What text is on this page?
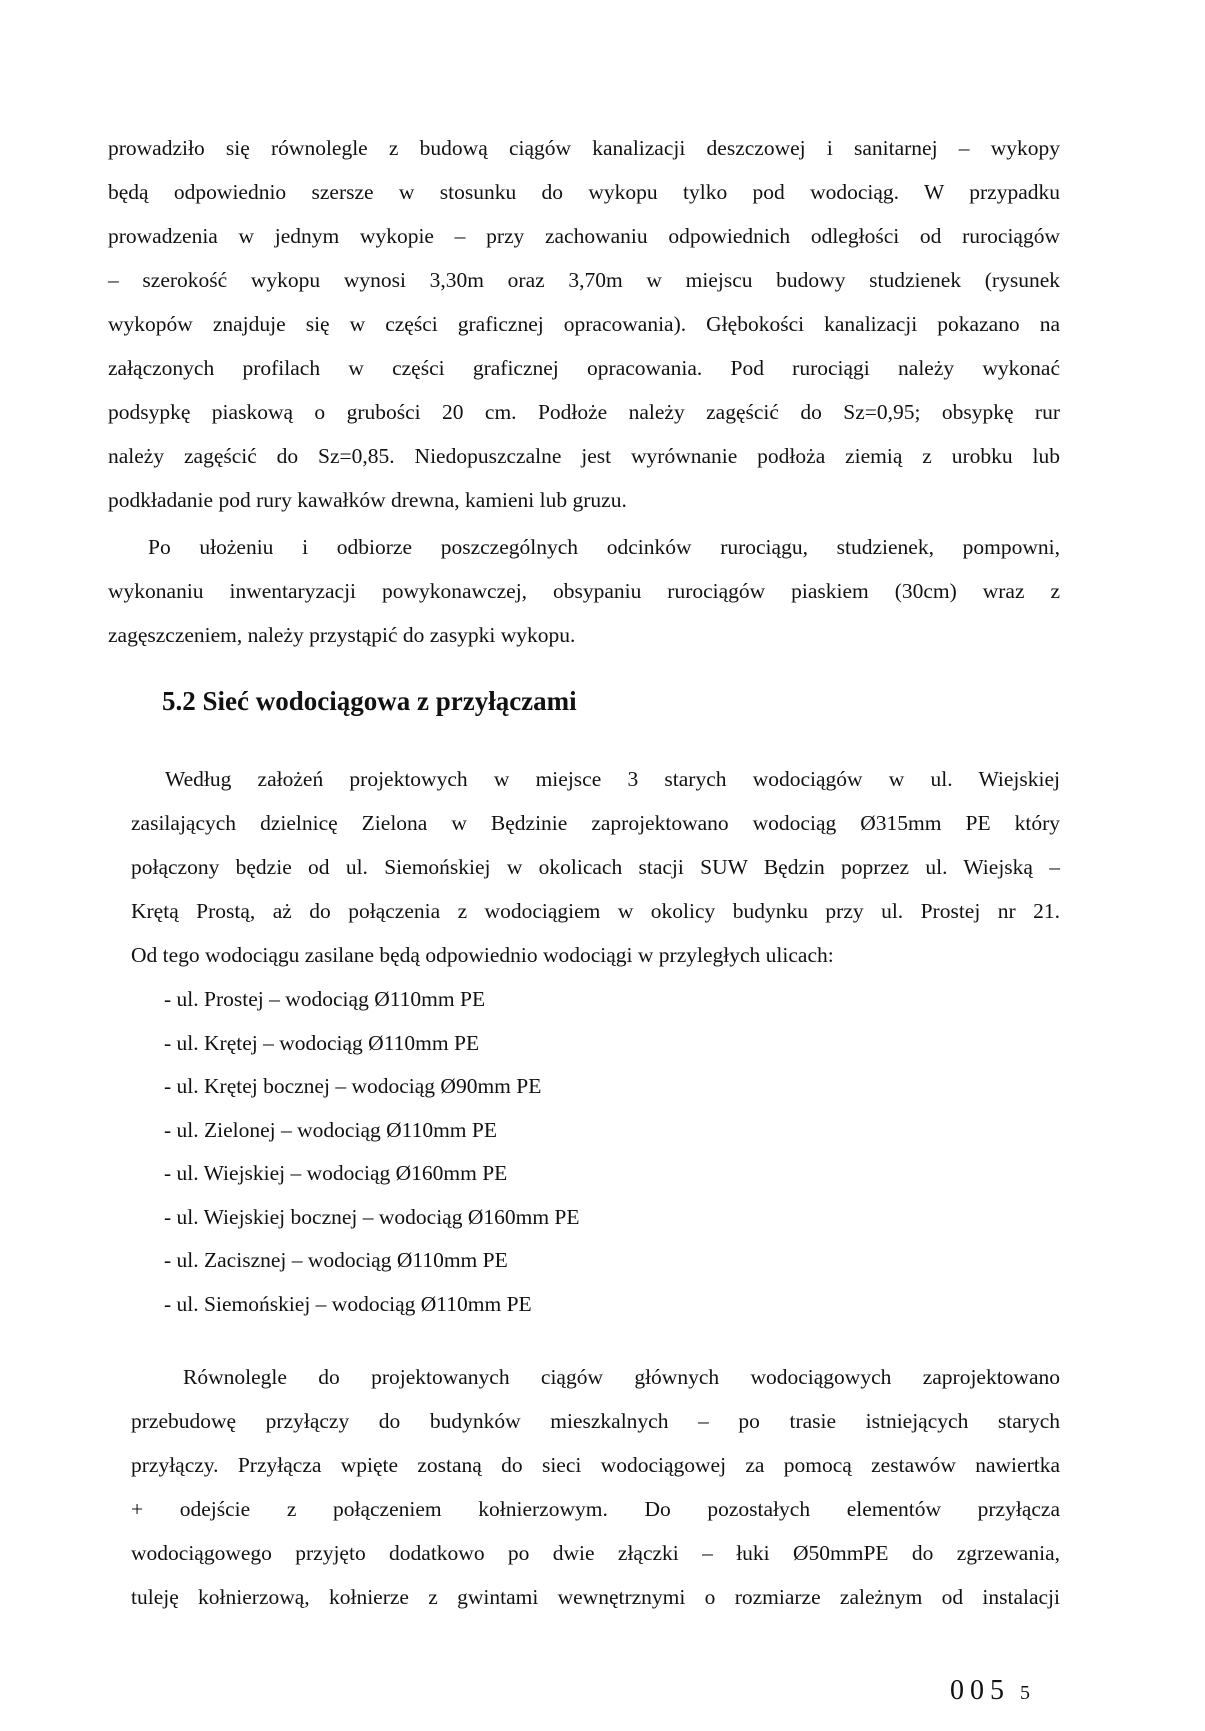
prowadziło się równolegle z budową ciągów kanalizacji deszczowej i sanitarnej – wykopy
będą odpowiednio szersze w stosunku do wykopu tylko pod wodociąg. W przypadku
prowadzenia w jednym wykopie – przy zachowaniu odpowiednich odległości od rurociągów
– szerokość wykopu wynosi 3,30m oraz 3,70m w miejscu budowy studzienek (rysunek
wykopów znajduje się w części graficznej opracowania). Głębokości kanalizacji pokazano na
załączonych profilach w części graficznej opracowania. Pod rurociągi należy wykonać
podsypkę piaskową o grubości 20 cm. Podłoże należy zagęścić do Sz=0,95; obsypkę rur
należy zagęścić do Sz=0,85. Niedopuszczalne jest wyrównanie podłoża ziemią z urobku lub
podkładanie pod rury kawałków drewna, kamieni lub gruzu.
Po ułożeniu i odbiorze poszczególnych odcinków rurociągu, studzienek, pompowni,
wykonaniu inwentaryzacji powykonawczej, obsypaniu rurociągów piaskiem (30cm) wraz z
zagęszczeniem, należy przystąpić do zasypki wykopu.
5.2 Sieć wodociągowa z przyłączami
Według założeń projektowych w miejsce 3 starych wodociągów w ul. Wiejskiej
zasilających dzielnicę Zielona w Będzinie zaprojektowano wodociąg Ø315mm PE który
połączony będzie od ul. Siemońskiej w okolicach stacji SUW Będzin poprzez ul. Wiejską –
Krętą Prostą, aż do połączenia z wodociągiem w okolicy budynku przy ul. Prostej nr 21.
Od tego wodociągu zasilane będą odpowiednio wodociągi w przyległych ulicach:
- ul. Prostej – wodociąg Ø110mm PE
- ul. Krętej – wodociąg Ø110mm PE
- ul. Krętej bocznej – wodociąg Ø90mm PE
- ul. Zielonej – wodociąg Ø110mm PE
- ul. Wiejskiej – wodociąg Ø160mm PE
- ul. Wiejskiej bocznej – wodociąg Ø160mm PE
- ul. Zacisznej – wodociąg Ø110mm PE
- ul. Siemońskiej – wodociąg Ø110mm PE
Równolegle do projektowanych ciągów głównych wodociągowych zaprojektowano
przebudowę przyłączy do budynków mieszkalnych – po trasie istniejących starych
przyłączy. Przyłącza wpięte zostaną do sieci wodociągowej za pomocą zestawów nawiertka
+ odejście z połączeniem kołnierzowym. Do pozostałych elementów przyłącza
wodociągowego przyjęto dodatkowo po dwie złączki – łuki Ø50mmPE do zgrzewania,
tuleję kołnierzową, kołnierze z gwintami wewnętrznymi o rozmiarze zależnym od instalacji
005 5
